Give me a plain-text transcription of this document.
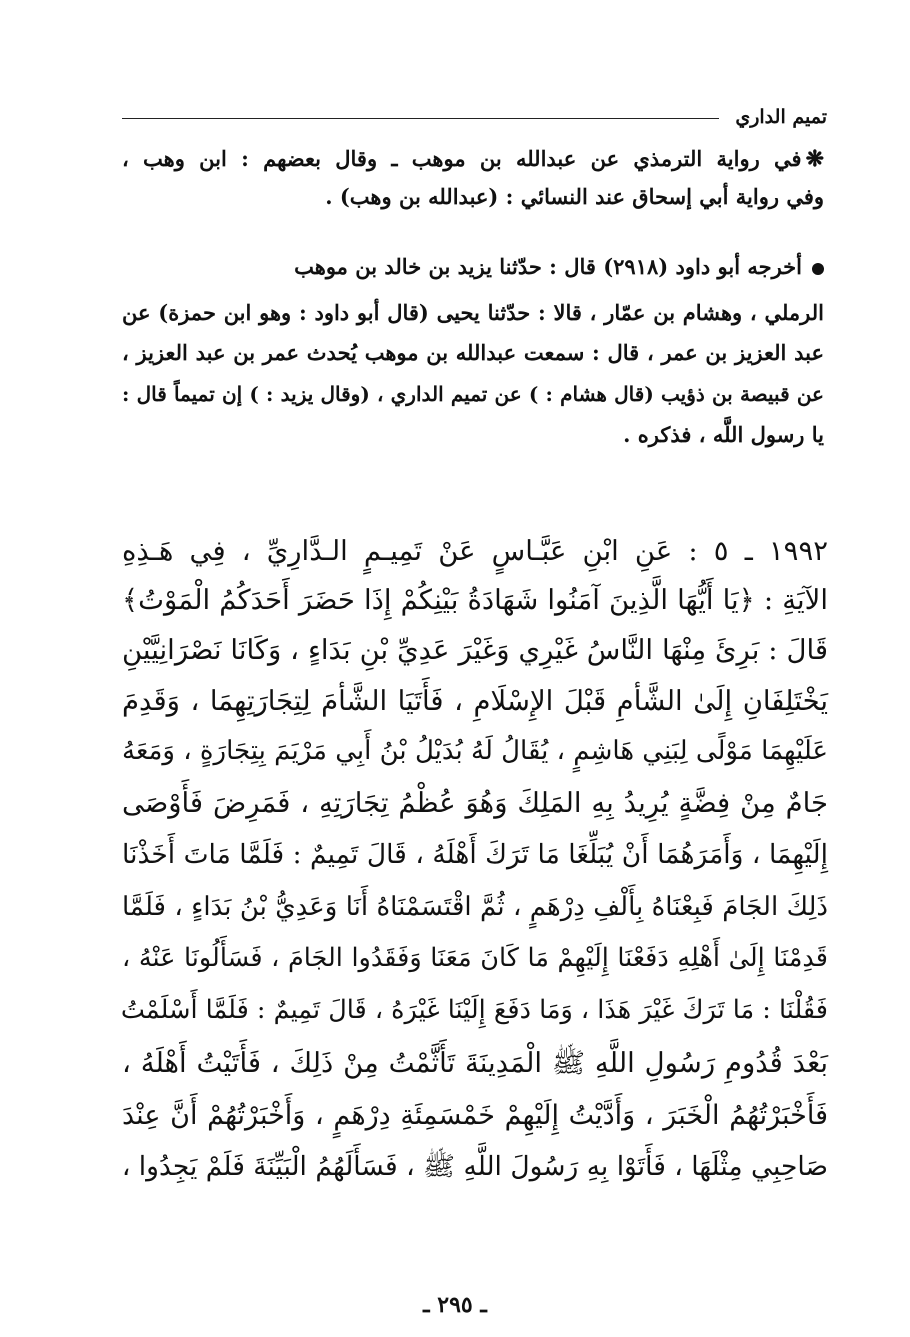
تميم الداري
❋في رواية الترمذي عن عبدالله بن موهب ـ وقال بعضهم : ابن وهب ،
وفي رواية أبي إسحاق عند النسائي : (عبدالله بن وهب) .
أخرجه أبو داود (٢٩١٨) قال : حدّثنا يزيد بن خالد بن موهب
الرملي ، وهشام بن عمّار ، قالا : حدّثنا يحيى (قال أبو داود : وهو ابن حمزة) عن
عبد العزيز بن عمر ، قال : سمعت عبدالله بن موهب يُحدث عمر بن عبد العزيز ،
عن قبيصة بن ذؤيب (قال هشام : ) عن تميم الداري ، (وقال يزيد : ) إن تميماً قال :
يا رسول اللَّه ، فذكره .
١٩٩٢ ـ ٥ : عَنِ ابْنِ عَبَّـاسٍ عَنْ تَمِيـمٍ الـدَّارِيِّ ، فِي هَـذِهِ
الآيَةِ : ﴿يَا أَيُّهَا الَّذِينَ آمَنُوا شَهَادَةُ بَيْنِكُمْ إِذَا حَضَرَ أَحَدَكُمُ الْمَوْتُ﴾
قَالَ : بَرِئَ مِنْهَا النَّاسُ غَيْرِي وَغَيْرَ عَدِيِّ بْنِ بَدَاءٍ ، وَكَانَا نَصْرَانِيَّيْنِ
يَخْتَلِفَانِ إِلَىٰ الشَّأمِ قَبْلَ الإِسْلَامِ ، فَأَتَيَا الشَّأمَ لِتِجَارَتِهِمَا ، وَقَدِمَ
عَلَيْهِمَا مَوْلًى لِبَنِي هَاشِمٍ ، يُقَالُ لَهُ بُدَيْلُ بْنُ أَبِي مَرْيَمَ بِتِجَارَةٍ ، وَمَعَهُ
جَامٌ مِنْ فِضَّةٍ يُرِيدُ بِهِ المَلِكَ وَهُوَ عُظْمُ تِجَارَتِهِ ، فَمَرِضَ فَأَوْصَى
إِلَيْهِمَا ، وَأَمَرَهُمَا أَنْ يُبَلِّغَا مَا تَرَكَ أَهْلَهُ ، قَالَ تَمِيمٌ : فَلَمَّا مَاتَ أَخَذْنَا
ذَلِكَ الجَامَ فَبِعْنَاهُ بِأَلْفِ دِرْهَمٍ ، ثُمَّ اقْتَسَمْنَاهُ أَنَا وَعَدِيُّ بْنُ بَدَاءٍ ، فَلَمَّا
قَدِمْنَا إِلَىٰ أَهْلِهِ دَفَعْنَا إِلَيْهِمْ مَا كَانَ مَعَنَا وَفَقَدُوا الجَامَ ، فَسَأَلُونَا عَنْهُ ،
فَقُلْنَا : مَا تَرَكَ غَيْرَ هَذَا ، وَمَا دَفَعَ إِلَيْنَا غَيْرَهُ ، قَالَ تَمِيمٌ : فَلَمَّا أَسْلَمْتُ
بَعْدَ قُدُومِ رَسُولِ اللَّهِ ﷺ الْمَدِينَةَ تَأَثَّمْتُ مِنْ ذَلِكَ ، فَأَتَيْتُ أَهْلَهُ ،
فَأَخْبَرْتُهُمُ الْخَبَرَ ، وَأَدَّيْتُ إِلَيْهِمْ خَمْسَمِئَةِ دِرْهَمٍ ، وَأَخْبَرْتُهُمْ أَنَّ عِنْدَ
صَاحِبِي مِثْلَهَا ، فَأَتَوْا بِهِ رَسُولَ اللَّهِ ﷺ ، فَسَأَلَهُمُ الْبَيِّنَةَ فَلَمْ يَجِدُوا ،
ـ ٢٩٥ ـ
